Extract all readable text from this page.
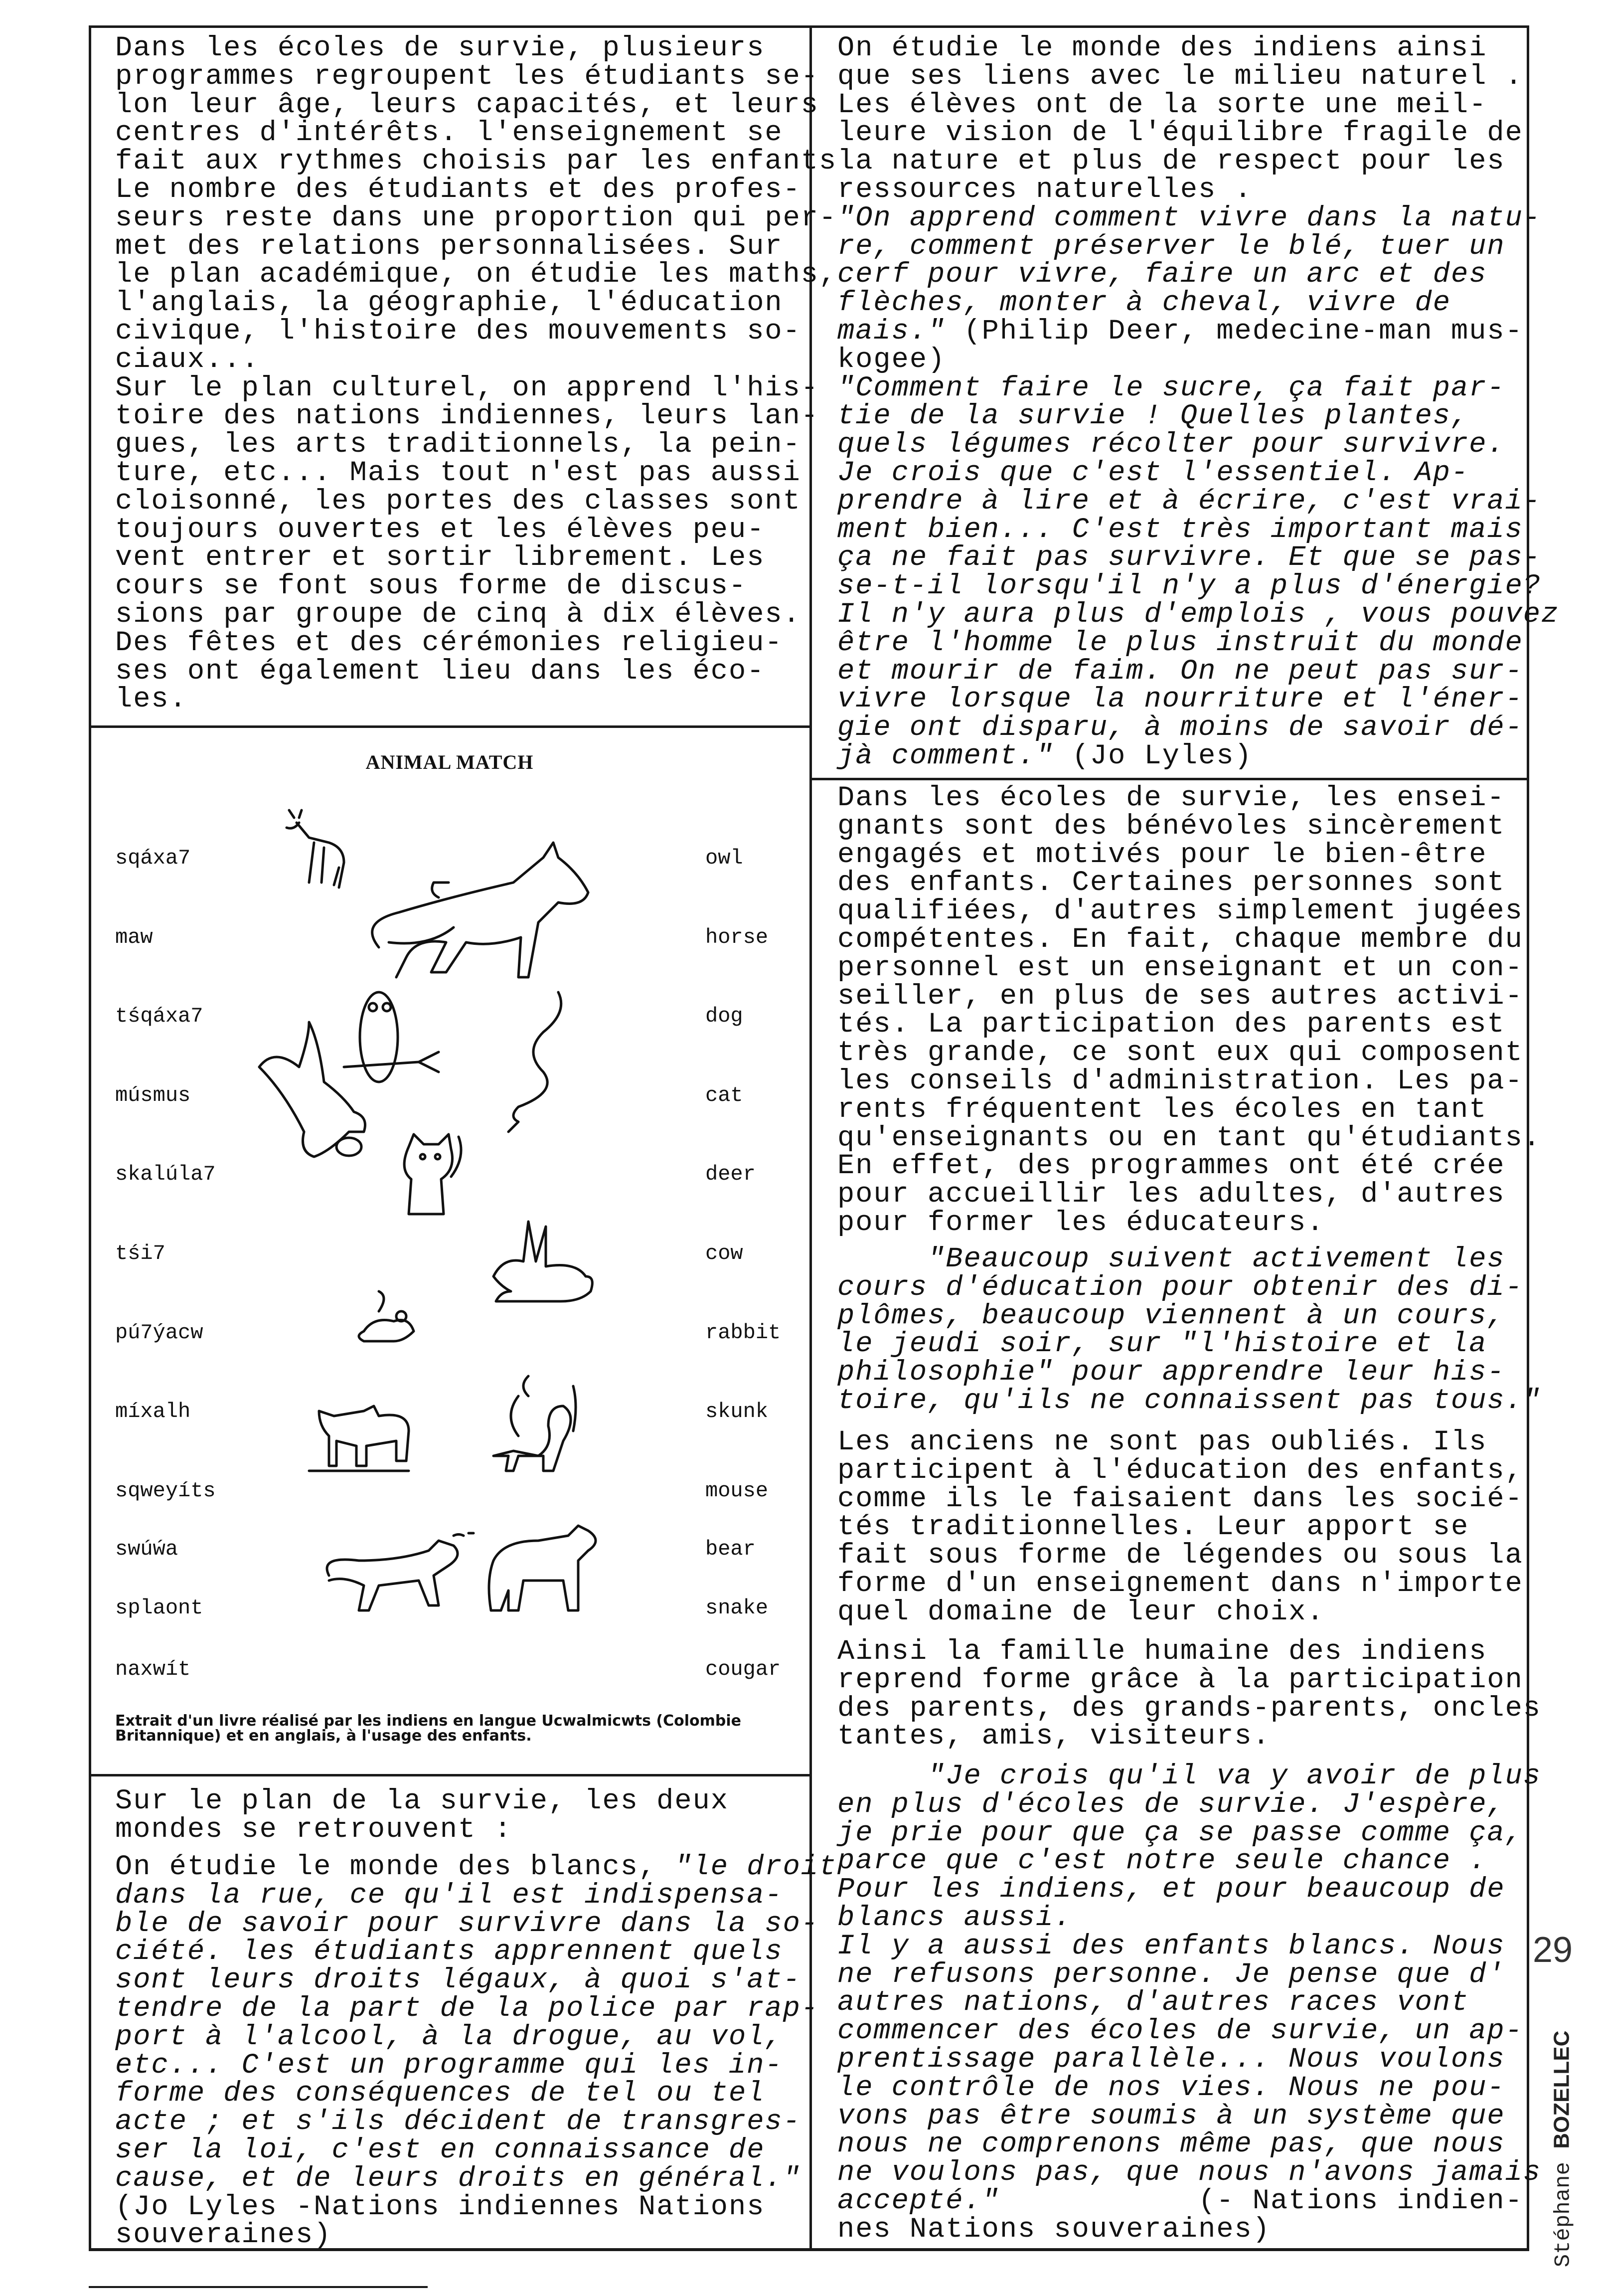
Dans les écoles de survie, plusieurs
programmes regroupent les étudiants se-
lon leur âge, leurs capacités, et leurs
centres d'intérêts. l'enseignement se
fait aux rythmes choisis par les enfants
Le nombre des étudiants et des profes-
seurs reste dans une proportion qui per-
met des relations personnalisées. Sur
le plan académique, on étudie les maths,
l'anglais, la géographie, l'éducation
civique, l'histoire des mouvements so-
ciaux...
Sur le plan culturel, on apprend l'his-
toire des nations indiennes, leurs lan-
gues, les arts traditionnels, la pein-
ture, etc... Mais tout n'est pas aussi
cloisonné, les portes des classes sont
toujours ouvertes et les élèves peu-
vent entrer et sortir librement. Les
cours se font sous forme de discus-
sions par groupe de cinq à dix élèves.
Des fêtes et des cérémonies religieu-
ses ont également lieu dans les éco-
les.
Sur le plan de la survie, les deux
mondes se retrouvent :
On étudie le monde des blancs, "le droit
dans la rue, ce qu'il est indispensa-
ble de savoir pour survivre dans la so-
ciété. les étudiants apprennent quels
sont leurs droits légaux, à quoi s'at-
tendre de la part de la police par rap-
port à l'alcool, à la drogue, au vol,
etc... C'est un programme qui les in-
forme des conséquences de tel ou tel
acte ; et s'ils décident de transgres-
ser la loi, c'est en connaissance de
cause, et de leurs droits en général."
(Jo Lyles -Nations indiennes Nations
souveraines)
On étudie le monde des indiens ainsi
que ses liens avec le milieu naturel .
Les élèves ont de la sorte une meil-
leure vision de l'équilibre fragile de
la nature et plus de respect pour les
ressources naturelles .
"On apprend comment vivre dans la natu-
re, comment préserver le blé, tuer un
cerf pour vivre, faire un arc et des
flèches, monter à cheval, vivre de
mais." (Philip Deer, medecine-man mus-
kogee)
"Comment faire le sucre, ça fait par-
tie de la survie ! Quelles plantes,
quels légumes récolter pour survivre.
Je crois que c'est l'essentiel. Ap-
prendre à lire et à écrire, c'est vrai-
ment bien... C'est très important mais
ça ne fait pas survivre. Et que se pas-
se-t-il lorsqu'il n'y a plus d'énergie?
Il n'y aura plus d'emplois , vous pouvez
être l'homme le plus instruit du monde
et mourir de faim. On ne peut pas sur-
vivre lorsque la nourriture et l'éner-
gie ont disparu, à moins de savoir dé-
jà comment." (Jo Lyles)
Dans les écoles de survie, les ensei-
gnants sont des bénévoles sincèrement
engagés et motivés pour le bien-être
des enfants. Certaines personnes sont
qualifiées, d'autres simplement jugées
compétentes. En fait, chaque membre du
personnel est un enseignant et un con-
seiller, en plus de ses autres activi-
tés. La participation des parents est
très grande, ce sont eux qui composent
les conseils d'administration. Les pa-
rents fréquentent les écoles en tant
qu'enseignants ou en tant qu'étudiants.
En effet, des programmes ont été crée
pour accueillir les adultes, d'autres
pour former les éducateurs.
"Beaucoup suivent activement les
cours d'éducation pour obtenir des di-
plômes, beaucoup viennent à un cours,
le jeudi soir, sur "l'histoire et la
philosophie" pour apprendre leur his-
toire, qu'ils ne connaissent pas tous."
Les anciens ne sont pas oubliés. Ils
participent à l'éducation des enfants,
comme ils le faisaient dans les socié-
tés traditionnelles. Leur apport se
fait sous forme de légendes ou sous la
forme d'un enseignement dans n'importe
quel domaine de leur choix.
Ainsi la famille humaine des indiens
reprend forme grâce à la participation
des parents, des grands-parents, oncles
tantes, amis, visiteurs.
"Je crois qu'il va y avoir de plus
en plus d'écoles de survie. J'espère,
je prie pour que ça se passe comme ça,
parce que c'est notre seule chance .
Pour les indiens, et pour beaucoup de
blancs aussi.
Il y a aussi des enfants blancs. Nous
ne refusons personne. Je pense que d'
autres nations, d'autres races vont
commencer des écoles de survie, un ap-
prentissage parallèle... Nous voulons
le contrôle de nos vies. Nous ne pou-
vons pas être soumis à un système que
nous ne comprenons même pas, que nous
ne voulons pas, que nous n'avons jamais
accepté."           (- Nations indien-
nes Nations souveraines)
ANIMAL MATCH
sqáxa7
maw
tśqáxa7
músmus
skalúla7
tśi7
pú7ýacw
míxalh
sqweyíts
swúẃa
splaont
naxwít
owl
horse
dog
cat
deer
cow
rabbit
skunk
mouse
bear
snake
cougar
Extrait d'un livre réalisé par les indiens en langue Ucwalmicwts (Colombie
Britannique) et en anglais, à l'usage des enfants.
29
Stéphane BOZELLEC
